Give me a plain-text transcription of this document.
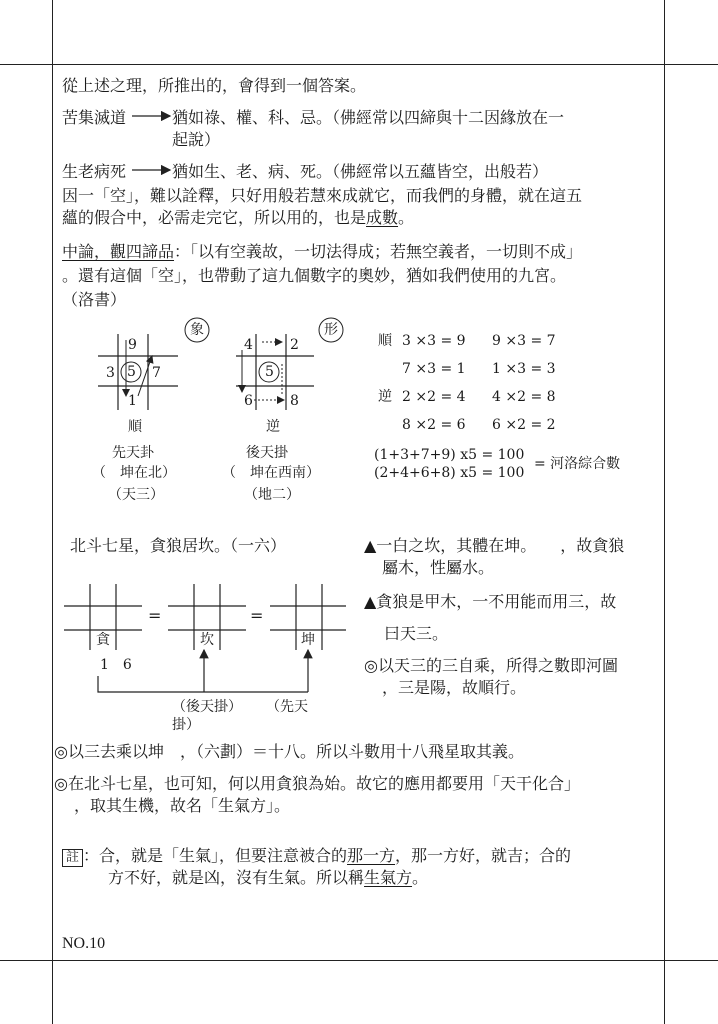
從上述之理，所推出的，會得到一個答案。
苦集滅道	猶如祿、權、科、忌。（佛經常以四締與十二因緣放在一
起說）
生老病死	猶如生、老、病、死。（佛經常以五蘊皆空，出般若）
因一「空」，難以詮釋，只好用般若慧來成就它，而我們的身體，就在這五
蘊的假合中，必需走完它，所以用的，也是成數。
中論，觀四諦品：「以有空義故，一切法得成；若無空義者，一切則不成」
。還有這個「空」，也帶動了這九個數字的奧妙，猶如我們使用的九宮。
（洛書）
象	形
9
3 5 7
1
順
4	2
5
6	8
逆
先天卦
（　坤在北）
（天三）
後天掛
（　坤在西南）
（地二）
順 3 ×3 = 9 9 ×3 = 7
7 ×3 = 1 1 ×3 = 3
逆 2 ×2 = 4 4 ×2 = 8
8 ×2 = 6 6 ×2 = 2
(1+3+7+9) x5 = 100
(2+4+6+8) x5 = 100
= 河洛綜合數
北斗七星，貪狼居坎。（一六）	▲一白之坎，其體在坤。　　，故貪狼
屬木，性屬水。
▲貪狼是甲木，一不用能而用三，故
曰天三。
◎以天三的三自乘，所得之數即河圖
，三是陽，故順行。
貪	坎	坤
=	=
1　6
（後天掛）
掛）
（先天
◎以三去乘以坤　，（六劃）＝十八。所以斗數用十八飛星取其義。
◎在北斗七星，也可知，何以用貪狼為始。故它的應用都要用「天干化合」
，取其生機，故名「生氣方」。
註 ：合，就是「生氣」，但要注意被合的那一方，那一方好，就吉；合的
方不好，就是凶，沒有生氣。所以稱生氣方。
NO.10
